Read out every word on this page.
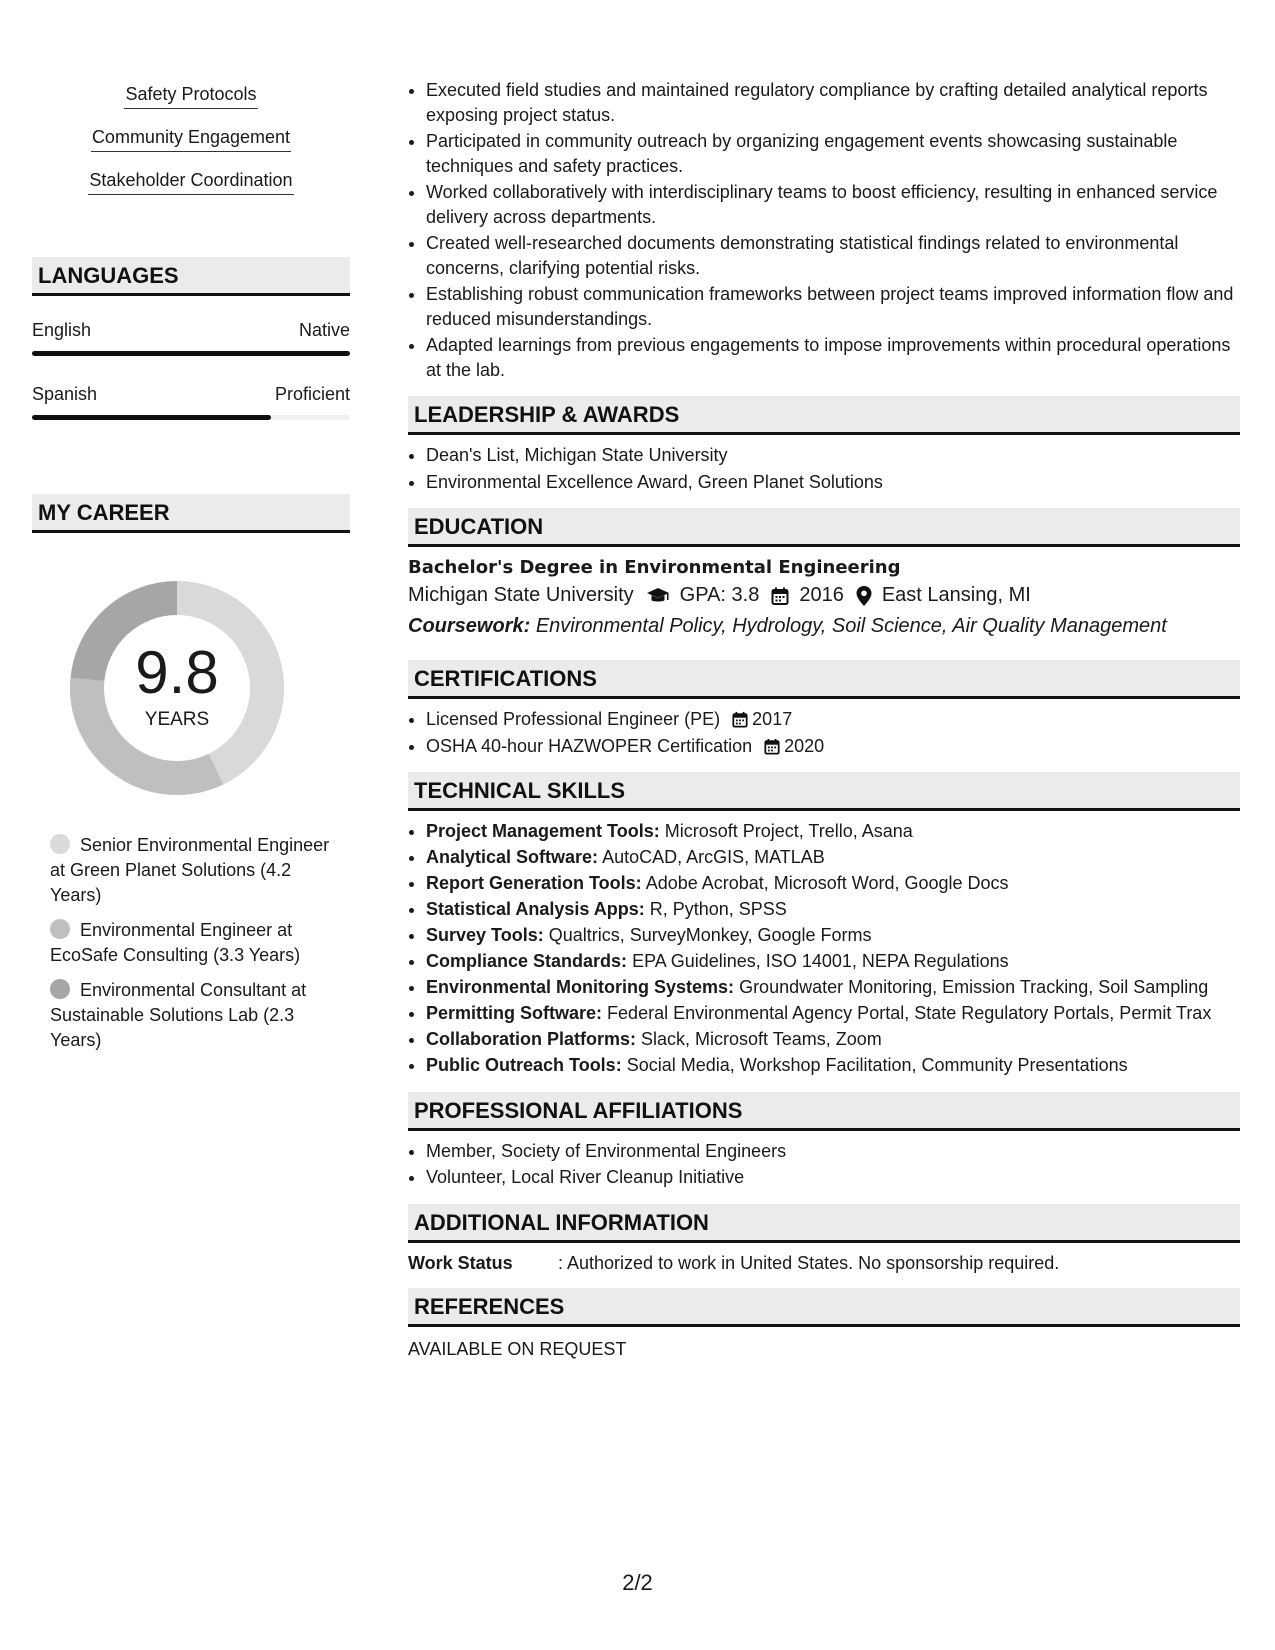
Safety Protocols
Community Engagement
Stakeholder Coordination
LANGUAGES
English	Native
Spanish	Proficient
MY CAREER
9.8
YEARS
Senior Environmental Engineer at Green Planet Solutions (4.2 Years)
Environmental Engineer at EcoSafe Consulting (3.3 Years)
Environmental Consultant at Sustainable Solutions Lab (2.3 Years)
• Executed field studies and maintained regulatory compliance by crafting detailed analytical reports exposing project status.
• Participated in community outreach by organizing engagement events showcasing sustainable techniques and safety practices.
• Worked collaboratively with interdisciplinary teams to boost efficiency, resulting in enhanced service delivery across departments.
• Created well-researched documents demonstrating statistical findings related to environmental concerns, clarifying potential risks.
• Establishing robust communication frameworks between project teams improved information flow and reduced misunderstandings.
• Adapted learnings from previous engagements to impose improvements within procedural operations at the lab.
LEADERSHIP & AWARDS
• Dean's List, Michigan State University
• Environmental Excellence Award, Green Planet Solutions
EDUCATION
Bachelor's Degree in Environmental Engineering
Michigan State University GPA: 3.8 2016 East Lansing, MI
Coursework: Environmental Policy, Hydrology, Soil Science, Air Quality Management
CERTIFICATIONS
• Licensed Professional Engineer (PE) 2017
• OSHA 40-hour HAZWOPER Certification 2020
TECHNICAL SKILLS
• Project Management Tools: Microsoft Project, Trello, Asana
• Analytical Software: AutoCAD, ArcGIS, MATLAB
• Report Generation Tools: Adobe Acrobat, Microsoft Word, Google Docs
• Statistical Analysis Apps: R, Python, SPSS
• Survey Tools: Qualtrics, SurveyMonkey, Google Forms
• Compliance Standards: EPA Guidelines, ISO 14001, NEPA Regulations
• Environmental Monitoring Systems: Groundwater Monitoring, Emission Tracking, Soil Sampling
• Permitting Software: Federal Environmental Agency Portal, State Regulatory Portals, Permit Trax
• Collaboration Platforms: Slack, Microsoft Teams, Zoom
• Public Outreach Tools: Social Media, Workshop Facilitation, Community Presentations
PROFESSIONAL AFFILIATIONS
• Member, Society of Environmental Engineers
• Volunteer, Local River Cleanup Initiative
ADDITIONAL INFORMATION
Work Status	: Authorized to work in United States. No sponsorship required.
REFERENCES
AVAILABLE ON REQUEST
2/2
